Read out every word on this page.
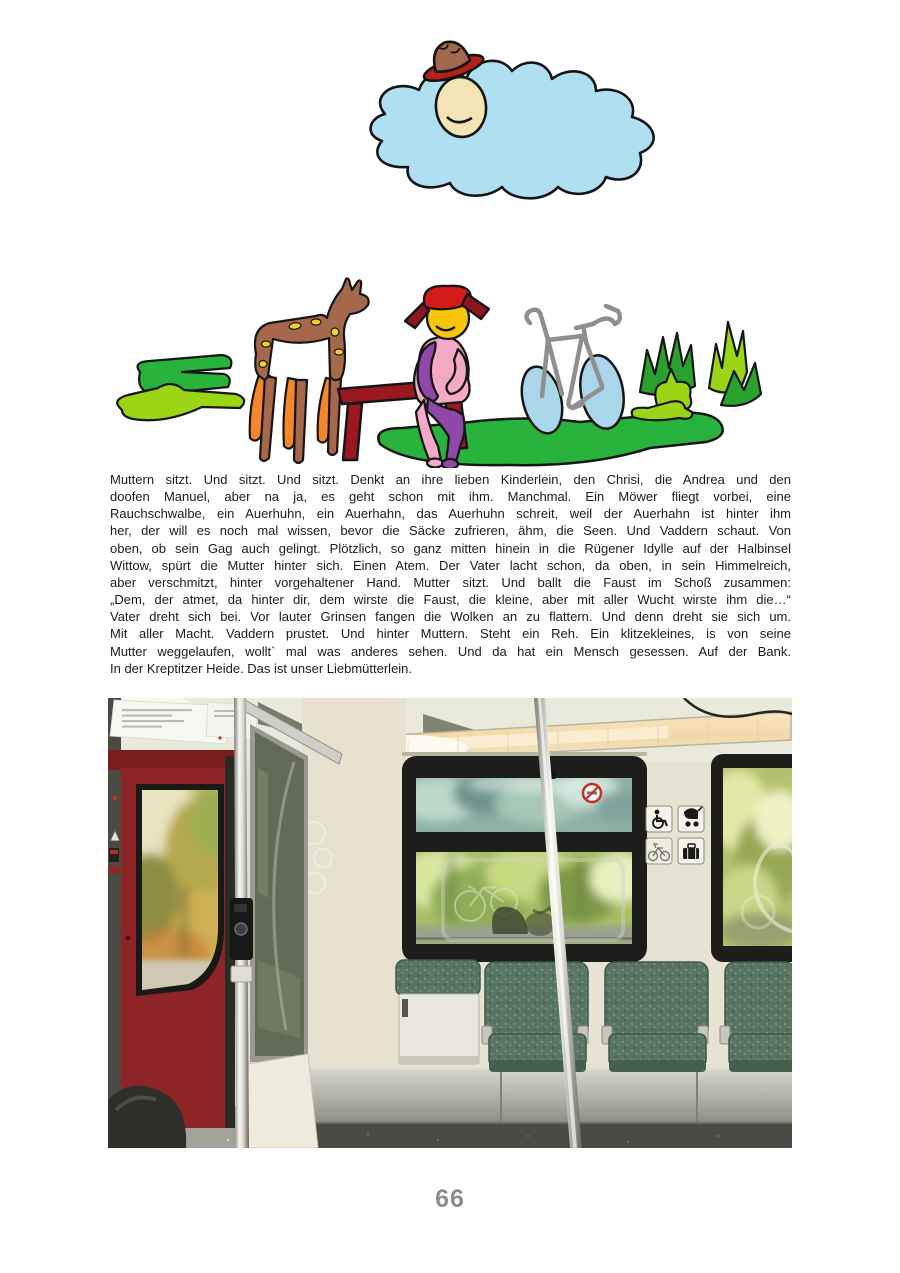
Muttern sitzt. Und sitzt. Und sitzt. Denkt an ihre lieben Kinderlein, den Chrisi, die Andrea und den
doofen Manuel, aber na ja, es geht schon mit ihm. Manchmal. Ein Möwer fliegt vorbei, eine
Rauchschwalbe, ein Auerhuhn, ein Auerhahn, das Auerhuhn schreit, weil der Auerhahn ist hinter ihm
her, der will es noch mal wissen, bevor die Säcke zufrieren, ähm, die Seen. Und Vaddern schaut. Von
oben, ob sein Gag auch gelingt. Plötzlich, so ganz mitten hinein in die Rügener Idylle auf der Halbinsel
Wittow, spürt die Mutter hinter sich. Einen Atem. Der Vater lacht schon, da oben, in sein Himmelreich,
aber verschmitzt, hinter vorgehaltener Hand. Mutter sitzt. Und ballt die Faust im Schoß zusammen:
„Dem, der atmet, da hinter dir, dem wirste die Faust, die kleine, aber mit aller Wucht wirste ihm die…“
Vater dreht sich bei. Vor lauter Grinsen fangen die Wolken an zu flattern. Und denn dreht sie sich um.
Mit aller Macht. Vaddern prustet. Und hinter Muttern. Steht ein Reh. Ein klitzekleines, is von seine
Mutter weggelaufen, wollt` mal was anderes sehen. Und da hat ein Mensch gesessen. Auf der Bank.
In der Kreptitzer Heide. Das ist unser Liebmütterlein.
66
